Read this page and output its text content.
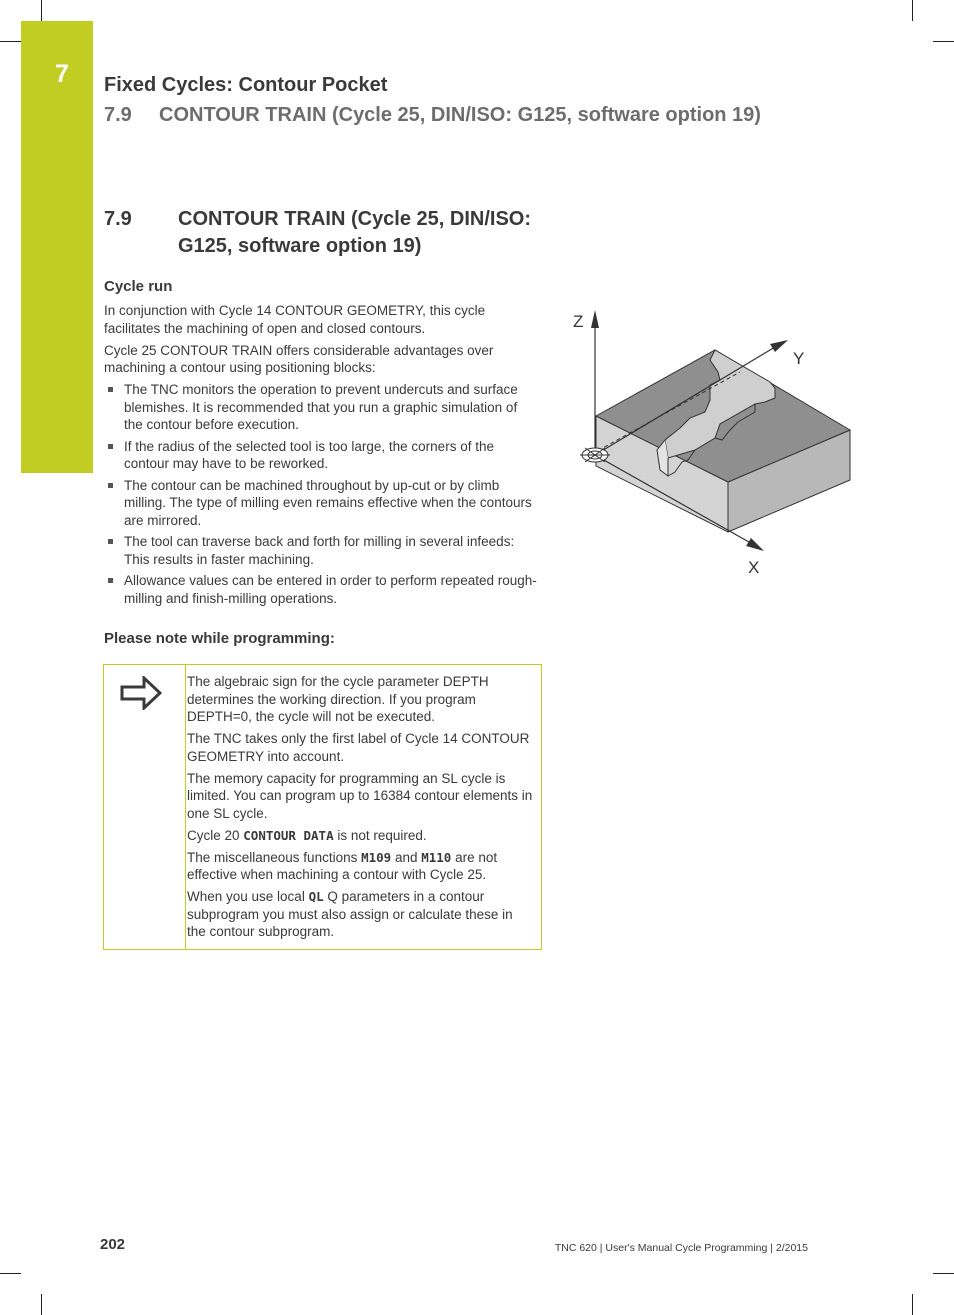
7 Fixed Cycles: Contour Pocket
7.9 CONTOUR TRAIN (Cycle 25, DIN/ISO: G125, software option 19)
7.9 CONTOUR TRAIN (Cycle 25, DIN/ISO: G125, software option 19)
Cycle run

In conjunction with Cycle 14 CONTOUR GEOMETRY, this cycle facilitates the machining of open and closed contours.

Cycle 25 CONTOUR TRAIN offers considerable advantages over machining a contour using positioning blocks:

The TNC monitors the operation to prevent undercuts and surface blemishes. It is recommended that you run a graphic simulation of the contour before execution.
If the radius of the selected tool is too large, the corners of the contour may have to be reworked.
The contour can be machined throughout by up-cut or by climb milling. The type of milling even remains effective when the contours are mirrored.
The tool can traverse back and forth for milling in several infeeds: This results in faster machining.
Allowance values can be entered in order to perform repeated rough-milling and finish-milling operations.
Please note while programming:

The algebraic sign for the cycle parameter DEPTH determines the working direction. If you program DEPTH=0, the cycle will not be executed.

The TNC takes only the first label of Cycle 14 CONTOUR GEOMETRY into account.

The memory capacity for programming an SL cycle is limited. You can program up to 16384 contour elements in one SL cycle.

Cycle 20 CONTOUR DATA is not required.

The miscellaneous functions M109 and M110 are not effective when machining a contour with Cycle 25.

When you use local QL Q parameters in a contour subprogram you must also assign or calculate these in the contour subprogram.

Z
Y
X
202	TNC 620 | User's Manual Cycle Programming | 2/2015
